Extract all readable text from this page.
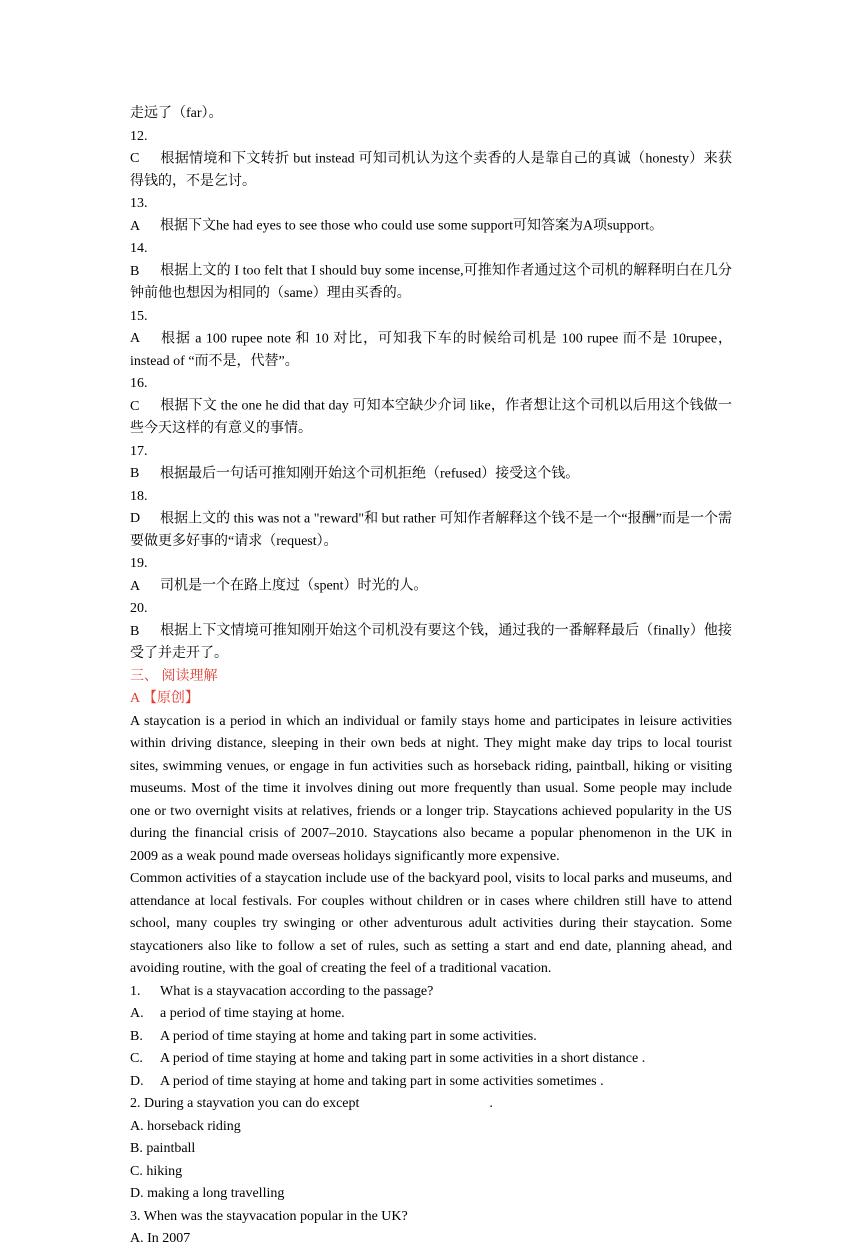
走远了（far）。

12. C 根据情境和下文转折 but instead 可知司机认为这个卖香的人是靠自己的真诚（honesty）来获得钱的，不是乞讨。

13. A 根据下文he had eyes to see those who could use some support可知答案为A项support。

14. B 根据上文的 I too felt that I should buy some incense,可推知作者通过这个司机的解释明白在几分钟前他也想因为相同的（same）理由买香的。

15. A 根据 a 100 rupee note 和 10 对比，可知我下车的时候给司机是 100 rupee 而不是 10rupee，instead of “而不是，代替”。

16. C 根据下文 the one he did that day 可知本空缺少介词 like，作者想让这个司机以后用这个钱做一些今天这样的有意义的事情。

17. B 根据最后一句话可推知刚开始这个司机拒绝（refused）接受这个钱。

18. D 根据上文的 this was not a "reward"和 but rather 可知作者解释这个钱不是一个“报酬”而是一个需要做更多好事的“请求（request）。

19. A 司机是一个在路上度过（spent）时光的人。

20. B 根据上下文情境可推知刚开始这个司机没有要这个钱，通过我的一番解释最后（finally）他接受了并走开了。

三、 阅读理解

A 【原创】

A staycation is a period in which an individual or family stays home and participates in leisure activities within driving distance, sleeping in their own beds at night. They might make day trips to local tourist sites, swimming venues, or engage in fun activities such as horseback riding, paintball, hiking or visiting museums. Most of the time it involves dining out more frequently than usual. Some people may include one or two overnight visits at relatives, friends or a longer trip. Staycations achieved popularity in the US during the financial crisis of 2007–2010. Staycations also became a popular phenomenon in the UK in 2009 as a weak pound made overseas holidays significantly more expensive.

Common activities of a staycation include use of the backyard pool, visits to local parks and museums, and attendance at local festivals. For couples without children or in cases where children still have to attend school, many couples try swinging or other adventurous adult activities during their staycation. Some staycationers also like to follow a set of rules, such as setting a start and end date, planning ahead, and avoiding routine, with the goal of creating the feel of a traditional vacation.

1. What is a stayvacation according to the passage?

A. a period of time staying at home.

B. A period of time staying at home and taking part in some activities.

C. A period of time staying at home and taking part in some activities in a short distance .

D. A period of time staying at home and taking part in some activities sometimes .

2. During a stayvation you can do except	.

A. horseback riding

B. paintball

C. hiking

D. making a long travelling

3. When was the stayvacation popular in the UK?

A. In 2007
